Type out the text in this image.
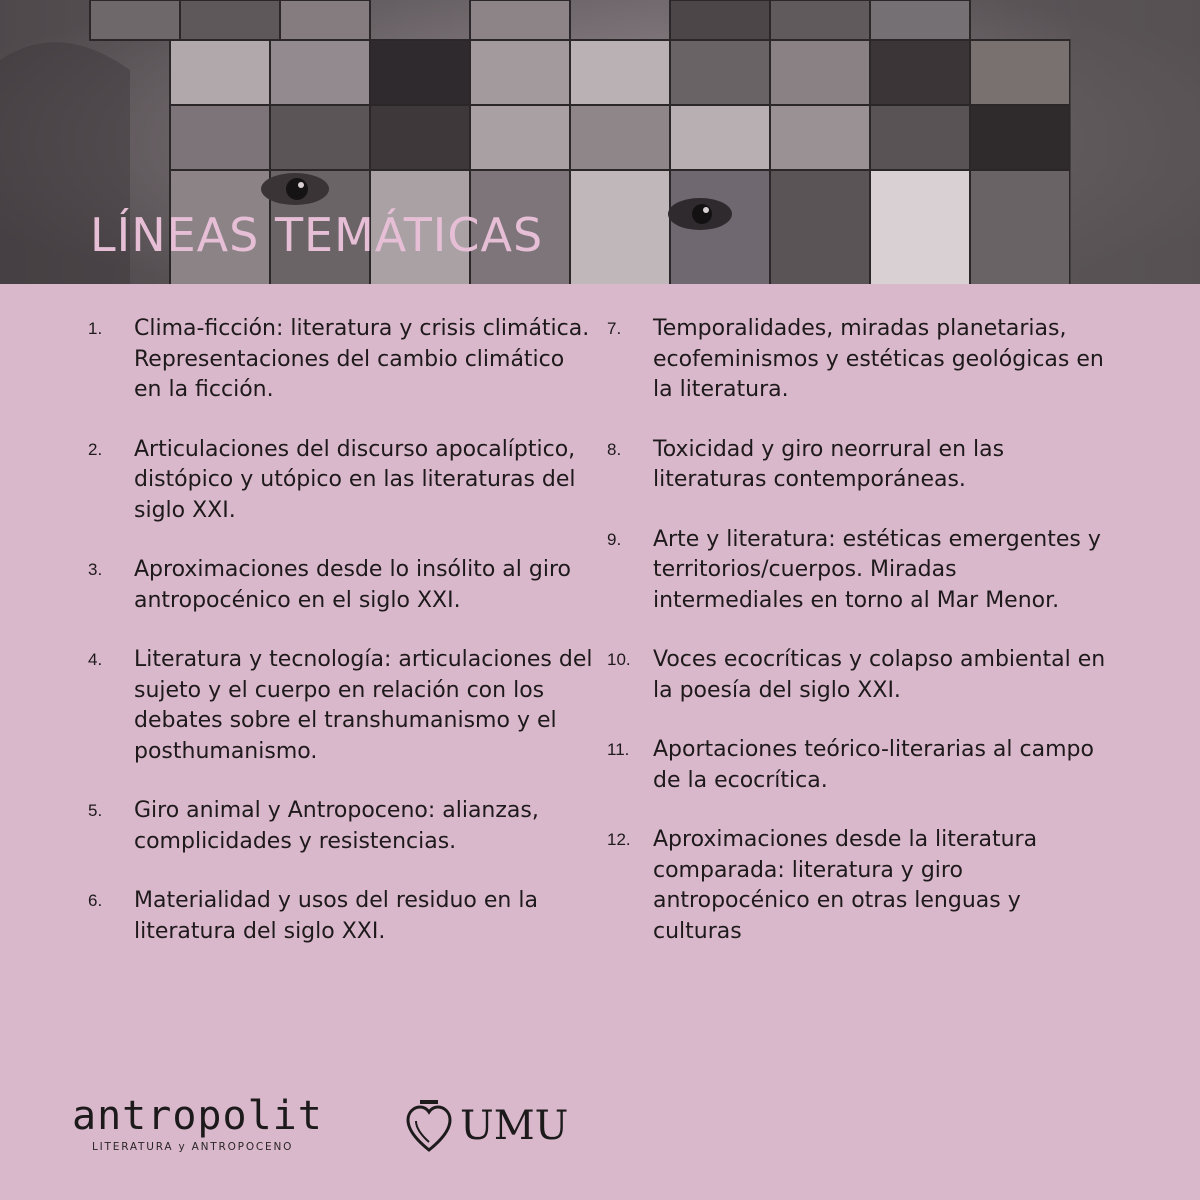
LÍNEAS TEMÁTICAS
1.	Clima-ficción: literatura y crisis climática. Representaciones del cambio climático en la ficción.
2.	Articulaciones del discurso apocalíptico, distópico y utópico en las literaturas del siglo XXI.
3.	Aproximaciones desde lo insólito al giro antropocénico en el siglo XXI.
4.	Literatura y tecnología: articulaciones del sujeto y el cuerpo en relación con los debates sobre el transhumanismo y el posthumanismo.
5.	Giro animal y Antropoceno: alianzas, complicidades y resistencias.
6.	Materialidad y usos del residuo en la literatura del siglo XXI.
7.	Temporalidades, miradas planetarias, ecofeminismos y estéticas geológicas en la literatura.
8.	Toxicidad y giro neorrural en las literaturas contemporáneas.
9.	Arte y literatura: estéticas emergentes y territorios/cuerpos. Miradas intermediales en torno al Mar Menor.
10.	Voces ecocríticas y colapso ambiental en la poesía del siglo XXI.
11.	Aportaciones teórico-literarias al campo de la ecocrítica.
12.	Aproximaciones desde la literatura comparada: literatura y giro antropocénico en otras lenguas y culturas
antropolit
LITERATURA y ANTROPOCENO	UMU
